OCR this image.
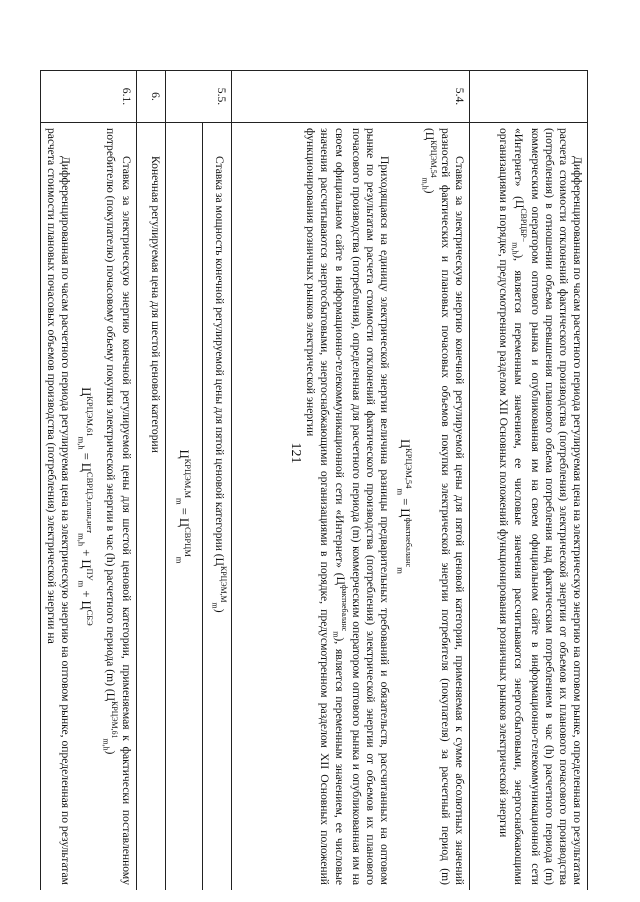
121

	Дифференцированная по часам расчетного периода регулируемая цена на электрическую энергию на оптовом рынке, определенная по результатам расчета стоимости отклонений фактического производства (потребления) электрической энергии от объемов их планового почасового производства (потребления) в отношении объема превышения планового объема потребления над фактическим потреблением в час (h) расчетного периода (m) коммерческим оператором оптового рынка и опубликованная им на своем официальном сайте в информационно-телекоммуникационной сети «Интернет» $(Ц^{СВРЦБР-}_{m,h})$, является переменным значением, ее числовые значения рассчитываются энергосбытовыми, энергоснабжающими организациями в порядке, предусмотренном разделом XII Основных положений функционирования розничных рынков электрической энергии

5.4.	Ставка за электрическую энергию конечной регулируемой цены для пятой ценовой категории, применяемая к сумме абсолютных значений разностей фактических и плановых почасовых объемов покупки электрической энергии потребителя (покупателя) за расчетный период (m) $(Ц^{КРЦЭМ,54}_{m,h})$

$Ц^{КРЦЭМ,54}_m = Ц^{фактнебаланс}_m$

Приходящаяся на единицу электрической энергии величина разницы предварительных требований и обязательств, рассчитанных на оптовом рынке по результатам расчета стоимости отклонений фактического производства (потребления) электрической энергии от объемов их планового почасового производства (потребления), определенная для расчетного периода (m) коммерческим оператором оптового рынка и опубликованная им на своем официальном сайте в информационно-телекоммуникационной сети «Интернет» $(Ц^{фактнебаланс}_m)$, является переменным значением, ее числовые значения рассчитываются энергосбытовыми, энергоснабжающими организациями в порядке, предусмотренном разделом XII Основных положений функционирования розничных рынков электрической энергии

5.5.	Ставка за мощность конечной регулируемой цены для пятой ценовой категории $(Ц^{КРЦЭМ,М}_m)$

	$Ц^{КРЦЭМ,М}_m = Ц^{СВРЦМ}_m$

6.	Конечная регулируемая цена для шестой ценовой категории

6.1.	Ставка за электрическую энергию конечной регулируемой цены для шестой ценовой категории, применяемая к фактически поставленному потребителю (покупателю) почасовому объему покупки электрической энергии в час (h) расчетного периода (m) $(Ц^{КРЦЭМ,61}_{m,h})$

$Ц^{КРЦЭМ,61}_{m,h} = Ц^{СВРЦЭ,план,нет}_{m,h} + Ц^{ПУ}_m + Ц^{СБЭ}$

Дифференцированная по часам расчетного периода регулируемая цена на электрическую энергию на оптовом рынке, определенная по результатам расчета стоимости плановых почасовых объемов производства (потребления) электрической энергии на
